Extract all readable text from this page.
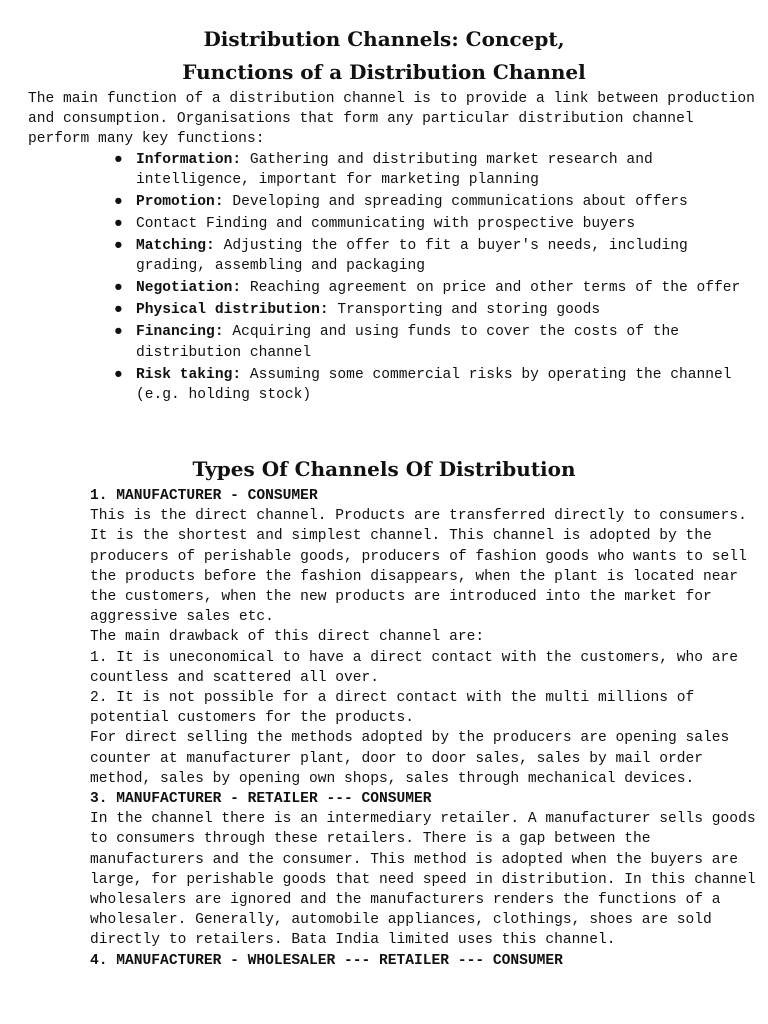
Distribution Channels: Concept,
Functions of a Distribution Channel

The main function of a distribution channel is to provide a link between production and consumption. Organisations that form any particular distribution channel perform many key functions:

● Information: Gathering and distributing market research and intelligence, important for marketing planning
● Promotion: Developing and spreading communications about offers
● Contact Finding and communicating with prospective buyers
● Matching: Adjusting the offer to fit a buyer's needs, including grading, assembling and packaging
● Negotiation: Reaching agreement on price and other terms of the offer
● Physical distribution: Transporting and storing goods
● Financing: Acquiring and using funds to cover the costs of the distribution channel
● Risk taking: Assuming some commercial risks by operating the channel (e.g. holding stock)
Types Of Channels Of Distribution

1. MANUFACTURER - CONSUMER

This is the direct channel. Products are transferred directly to consumers. It is the shortest and simplest channel. This channel is adopted by the producers of perishable goods, producers of fashion goods who wants to sell the products before the fashion disappears, when the plant is located near the customers, when the new products are introduced into the market for aggressive sales etc.

The main drawback of this direct channel are:

1. It is uneconomical to have a direct contact with the customers, who are countless and scattered all over.

2. It is not possible for a direct contact with the multi millions of potential customers for the products.

For direct selling the methods adopted by the producers are opening sales counter at manufacturer plant, door to door sales, sales by mail order method, sales by opening own shops, sales through mechanical devices.

3. MANUFACTURER - RETAILER --- CONSUMER

In the channel there is an intermediary retailer. A manufacturer sells goods to consumers through these retailers. There is a gap between the manufacturers and the consumer. This method is adopted when the buyers are large, for perishable goods that need speed in distribution. In this channel wholesalers are ignored and the manufacturers renders the functions of a wholesaler. Generally, automobile appliances, clothings, shoes are sold directly to retailers. Bata India limited uses this channel.

4. MANUFACTURER - WHOLESALER --- RETAILER --- CONSUMER
